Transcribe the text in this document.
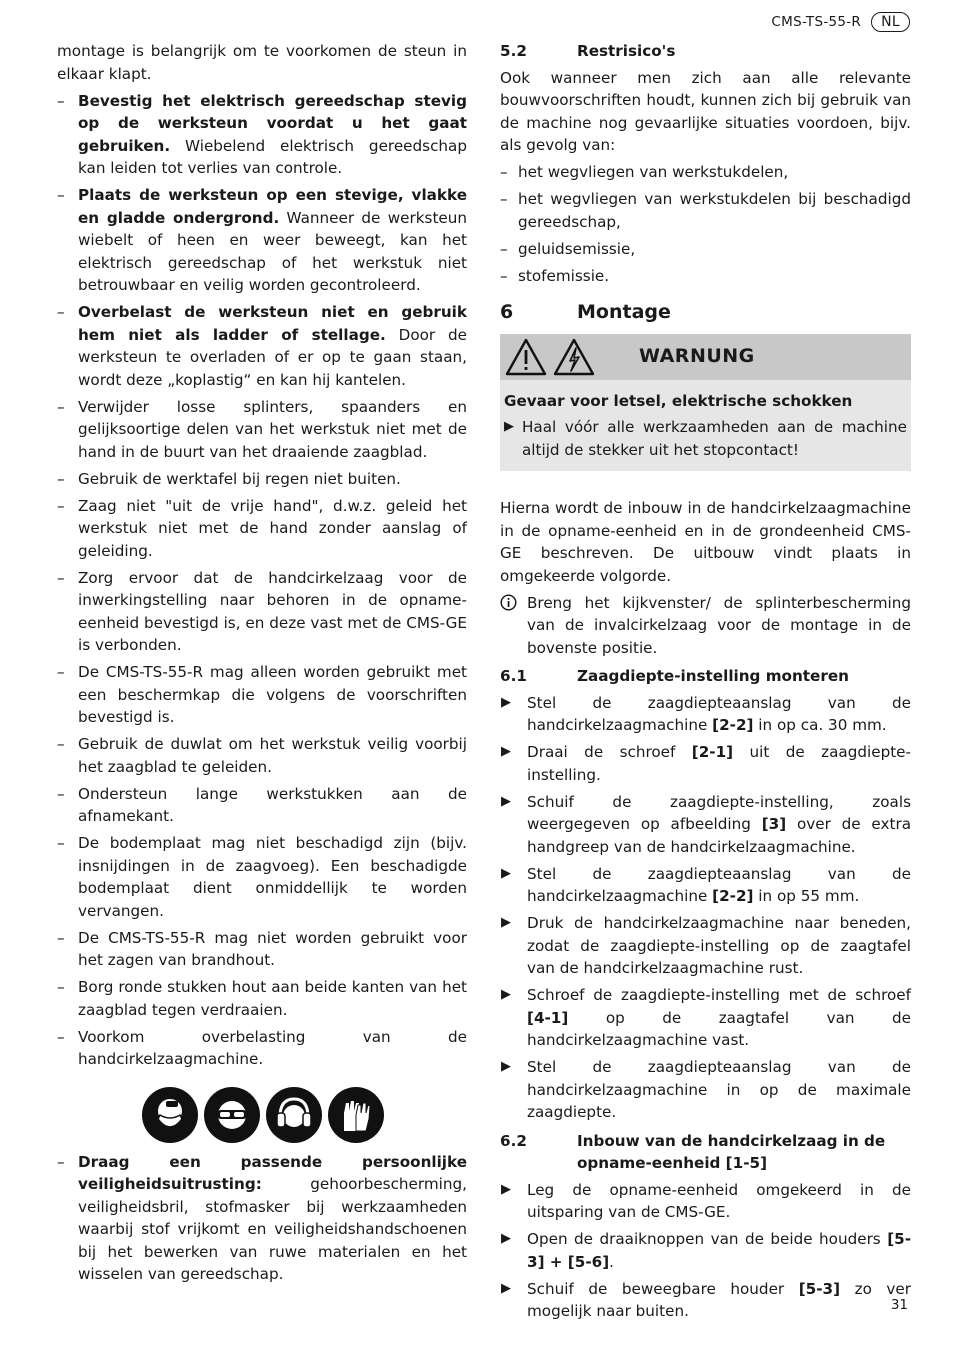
CMS-TS-55-R	NL

montage is belangrijk om te voorkomen de steun in elkaar klapt.

– Bevestig het elektrisch gereedschap stevig op de werksteun voordat u het gaat gebruiken. Wiebelend elektrisch gereedschap kan leiden tot verlies van controle.
– Plaats de werksteun op een stevige, vlakke en gladde ondergrond. Wanneer de werksteun wiebelt of heen en weer beweegt, kan het elektrisch gereedschap of het werkstuk niet betrouwbaar en veilig worden gecontroleerd.
– Overbelast de werksteun niet en gebruik hem niet als ladder of stellage. Door de werksteun te overladen of er op te gaan staan, wordt deze „koplastig“ en kan hij kantelen.
– Verwijder losse splinters, spaanders en gelijksoortige delen van het werkstuk niet met de hand in de buurt van het draaiende zaagblad.
– Gebruik de werktafel bij regen niet buiten.
– Zaag niet "uit de vrije hand", d.w.z. geleid het werkstuk niet met de hand zonder aanslag of geleiding.
– Zorg ervoor dat de handcirkelzaag voor de inwerkingstelling naar behoren in de opname-eenheid bevestigd is, en deze vast met de CMS-GE is verbonden.
– De CMS-TS-55-R mag alleen worden gebruikt met een beschermkap die volgens de voorschriften bevestigd is.
– Gebruik de duwlat om het werkstuk veilig voorbij het zaagblad te geleiden.
– Ondersteun lange werkstukken aan de afnamekant.
– De bodemplaat mag niet beschadigd zijn (bijv. insnijdingen in de zaagvoeg). Een beschadigde bodemplaat dient onmiddellijk te worden vervangen.
– De CMS-TS-55-R mag niet worden gebruikt voor het zagen van brandhout.
– Borg ronde stukken hout aan beide kanten van het zaagblad tegen verdraaien.
– Voorkom overbelasting van de handcirkelzaagmachine.
– Draag een passende persoonlijke veiligheidsuitrusting: gehoorbescherming, veiligheidsbril, stofmasker bij werkzaamheden waarbij stof vrijkomt en veiligheidshandschoenen bij het bewerken van ruwe materialen en het wisselen van gereedschap.
5.2	Restrisico's

Ook wanneer men zich aan alle relevante bouwvoorschriften houdt, kunnen zich bij gebruik van de machine nog gevaarlijke situaties voordoen, bijv. als gevolg van:

– het wegvliegen van werkstukdelen,
– het wegvliegen van werkstukdelen bij beschadigd gereedschap,
– geluidsemissie,
– stofemissie.
6	Montage
WARNUNG
Gevaar voor letsel, elektrische schokken
▶ Haal vóór alle werkzaamheden aan de machine altijd de stekker uit het stopcontact!

Hierna wordt de inbouw in de handcirkelzaagmachine in de opname-eenheid en in de grondeenheid CMS-GE beschreven. De uitbouw vindt plaats in omgekeerde volgorde.

Breng het kijkvenster/ de splinterbescherming van de invalcirkelzaag voor de montage in de bovenste positie.
6.1	Zaagdiepte-instelling monteren
▶ Stel de zaagdiepteaanslag van de handcirkelzaagmachine [2-2] in op ca. 30 mm.
▶ Draai de schroef [2-1] uit de zaagdiepte-instelling.
▶ Schuif de zaagdiepte-instelling, zoals weergegeven op afbeelding [3] over de extra handgreep van de handcirkelzaagmachine.
▶ Stel de zaagdiepteaanslag van de handcirkelzaagmachine [2-2] in op 55 mm.
▶ Druk de handcirkelzaagmachine naar beneden, zodat de zaagdiepte-instelling op de zaagtafel van de handcirkelzaagmachine rust.
▶ Schroef de zaagdiepte-instelling met de schroef [4-1] op de zaagtafel van de handcirkelzaagmachine vast.
▶ Stel de zaagdiepteaanslag van de handcirkelzaagmachine in op de maximale zaagdiepte.
6.2	Inbouw van de handcirkelzaag in de opname-eenheid [1-5]
▶ Leg de opname-eenheid omgekeerd in de uitsparing van de CMS-GE.
▶ Open de draaiknoppen van de beide houders [5-3] + [5-6].
▶ Schuif de beweegbare houder [5-3] zo ver mogelijk naar buiten.	31
